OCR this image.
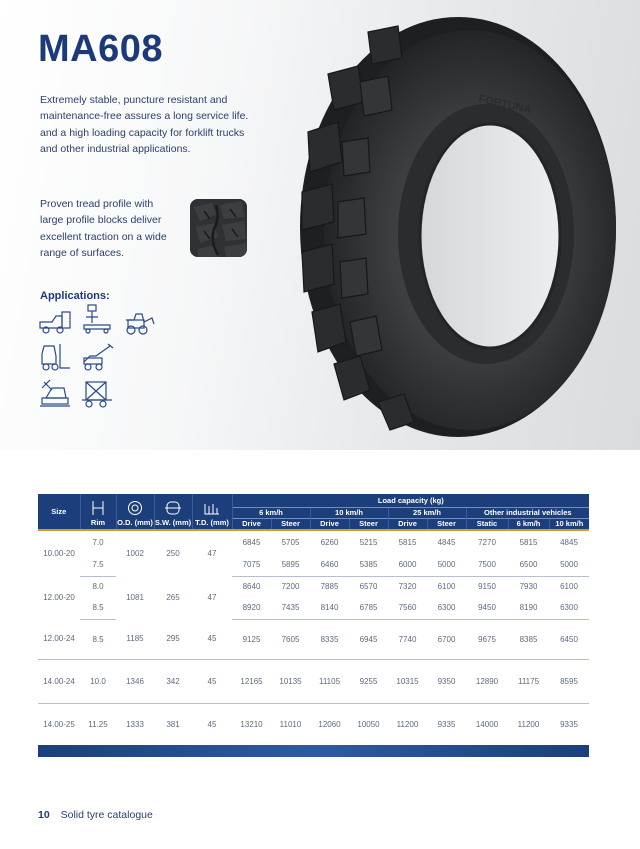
MA608

Extremely stable, puncture resistant and
maintenance-free assures a long service life.
and a high loading capacity for forklift trucks
and other industrial applications.

Proven tread profile with
large profile blocks deliver
excellent traction on a wide
range of surfaces.

Applications:
FORTUNA
Size	Rim	O.D. (mm)	S.W. (mm)	T.D. (mm)	Load capacity (kg)								
					6 km/h		10 km/h		25 km/h		Other industrial vehicles		
					Drive	Steer	Drive	Steer	Drive	Steer	Static	6 km/h	10 km/h
10.00-20	7.0	1002	250	47	6845	5705	6260	5215	5815	4845	7270	5815	4845
	7.5				7075	5895	6460	5385	6000	5000	7500	6500	5000
12.00-20	8.0	1081	265	47	8640	7200	7885	6570	7320	6100	9150	7930	6100
	8.5				8920	7435	8140	6785	7560	6300	9450	8190	6300
12.00-24	8.5	1185	295	45	9125	7605	8335	6945	7740	6700	9675	8385	6450
14.00-24	10.0	1346	342	45	12165	10135	11105	9255	10315	9350	12890	11175	8595
14.00-25	11.25	1333	381	45	13210	11010	12060	10050	11200	9335	14000	11200	9335
10 Solid tyre catalogue
